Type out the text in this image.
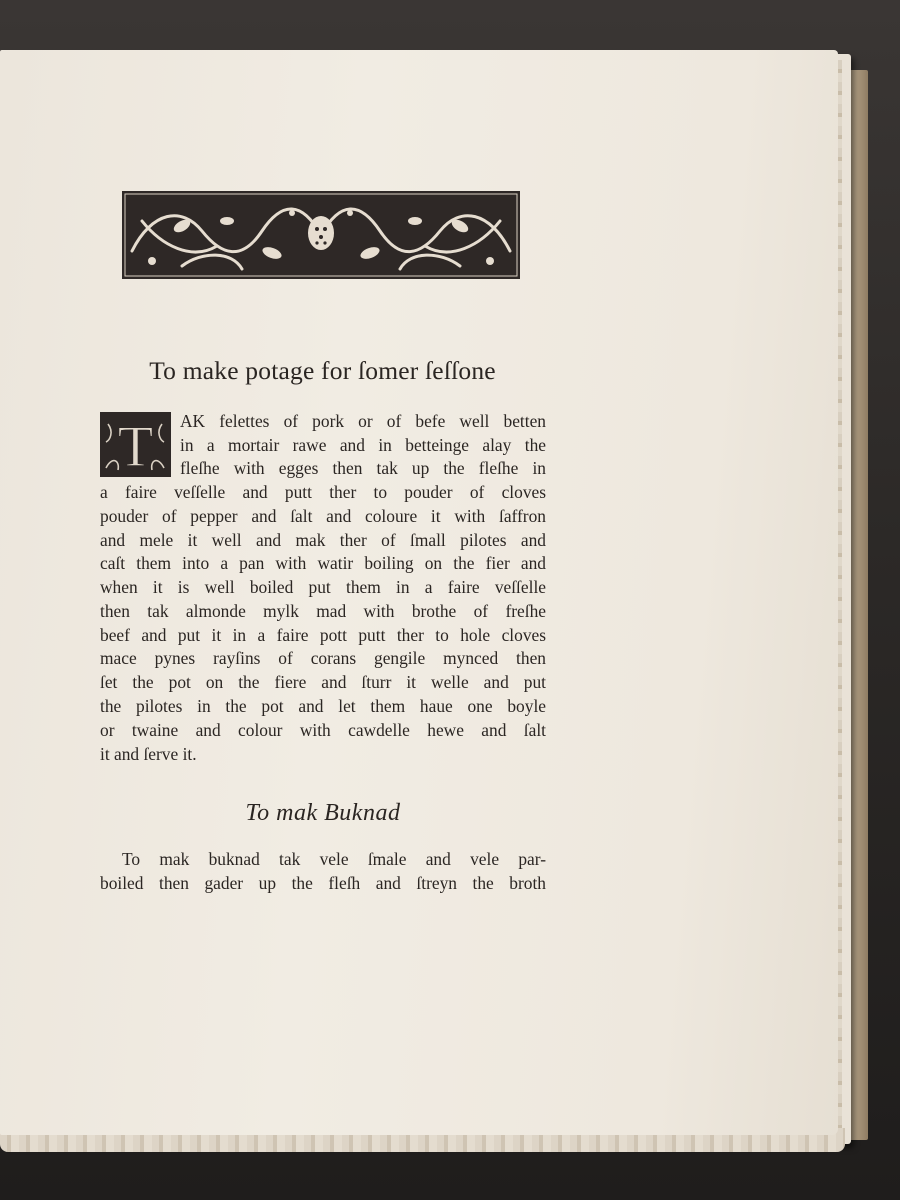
To make potage for ſomer ſeſſone
T AK felettes of pork or of befe well betten
in a mortair rawe and in betteinge alay the
fleſhe with egges then tak up the fleſhe in
a faire veſſelle and putt ther to pouder of cloves
pouder of pepper and ſalt and coloure it with ſaffron
and mele it well and mak ther of ſmall pilotes and
caſt them into a pan with watir boiling on the fier and
when it is well boiled put them in a faire veſſelle
then tak almonde mylk mad with brothe of freſhe
beef and put it in a faire pott putt ther to hole cloves
mace pynes rayſins of corans gengile mynced then
ſet the pot on the fiere and ſturr it welle and put
the pilotes in the pot and let them haue one boyle
or twaine and colour with cawdelle hewe and ſalt
it and ſerve it.
To mak Buknad
To mak buknad tak vele ſmale and vele par-
boiled then gader up the fleſh and ſtreyn the broth
